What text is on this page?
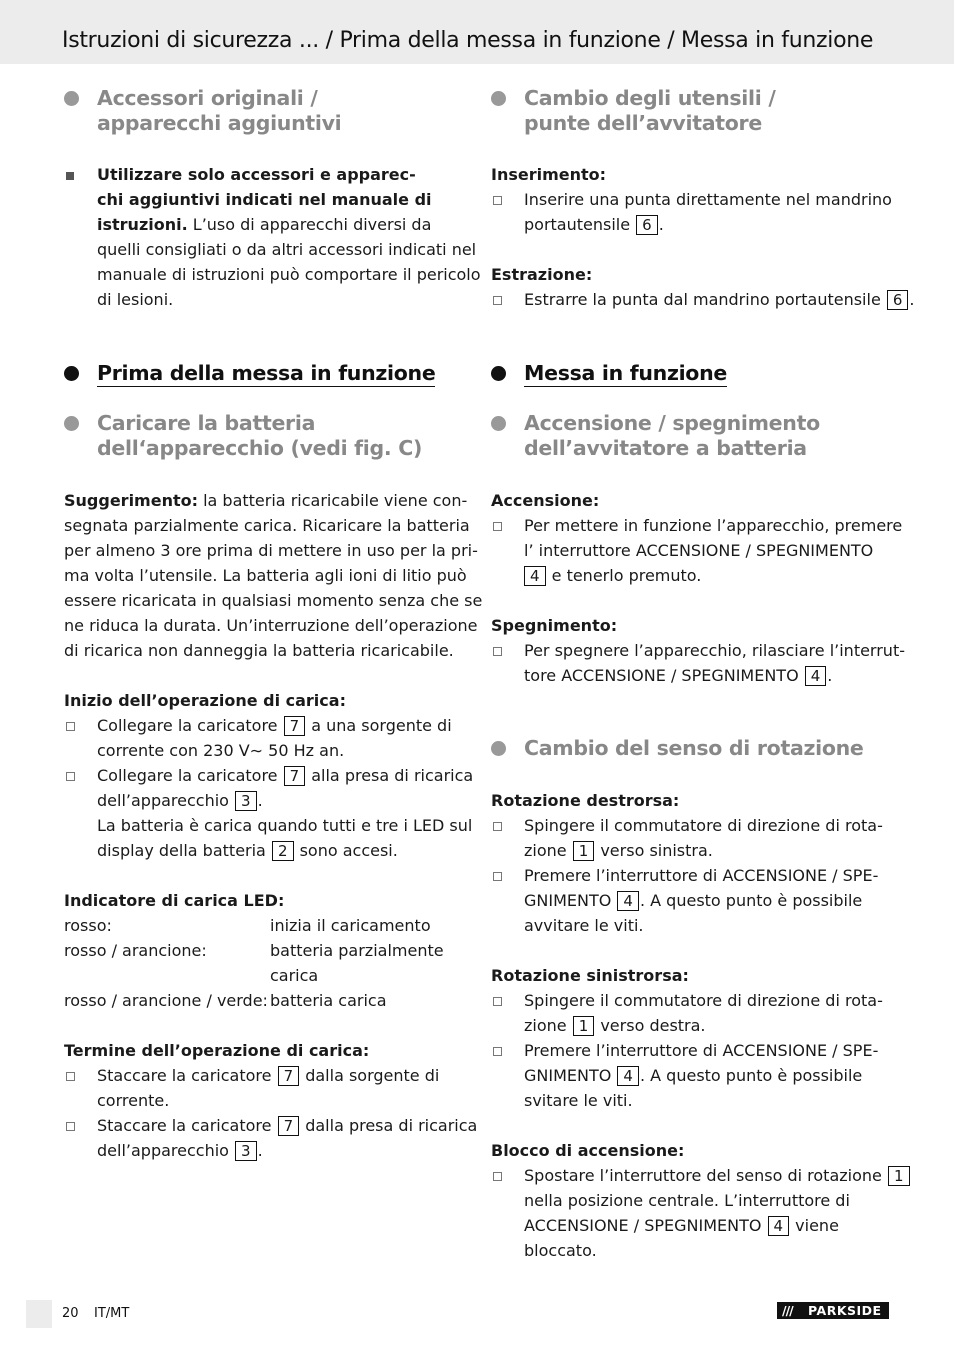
Istruzioni di sicurezza ... / Prima della messa in funzione / Messa in funzione
Accessori originali /
apparecchi aggiuntivi
Utilizzare solo accessori e apparec-
chi aggiuntivi indicati nel manuale di
istruzioni. L’uso di apparecchi diversi da
quelli consigliati o da altri accessori indicati nel
manuale di istruzioni può comportare il pericolo
di lesioni.
Prima della messa in funzione
Caricare la batteria
dell‘apparecchio (vedi fig. C)
Suggerimento: la batteria ricaricabile viene con-
segnata parzialmente carica. Ricaricare la batteria
per almeno 3 ore prima di mettere in uso per la pri-
ma volta l’utensile. La batteria agli ioni di litio può
essere ricaricata in qualsiasi momento senza che se
ne riduca la durata. Un’interruzione dell’operazione
di ricarica non danneggia la batteria ricaricabile.
Inizio dell’operazione di carica:
Collegare la caricatore 7 a una sorgente di
corrente con 230 V∼ 50 Hz an.
Collegare la caricatore 7 alla presa di ricarica
dell’apparecchio 3 .
La batteria è carica quando tutti e tre i LED sul
display della batteria 2 sono accesi.
Indicatore di carica LED:
rosso:	inizia il caricamento
rosso / arancione:	batteria parzialmente
carica
rosso / arancione / verde: batteria carica
Termine dell’operazione di carica:
Staccare la caricatore 7 dalla sorgente di
corrente.
Staccare la caricatore 7 dalla presa di ricarica
dell’apparecchio 3 .
Cambio degli utensili /
punte dell’avvitatore
Inserimento:
Inserire una punta direttamente nel mandrino
portautensile 6 .
Estrazione:
Estrarre la punta dal mandrino portautensile 6 .
Messa in funzione
Accensione / spegnimento
dell’avvitatore a batteria
Accensione:
Per mettere in funzione l’apparecchio, premere
l’ interruttore ACCENSIONE / SPEGNIMENTO
4 e tenerlo premuto.
Spegnimento:
Per spegnere l’apparecchio, rilasciare l’interrut-
tore ACCENSIONE / SPEGNIMENTO 4 .
Cambio del senso di rotazione
Rotazione destrorsa:
Spingere il commutatore di direzione di rota-
zione 1 verso sinistra.
Premere l’interruttore di ACCENSIONE / SPE-
GNIMENTO 4 . A questo punto è possibile
avvitare le viti.
Rotazione sinistrorsa:
Spingere il commutatore di direzione di rota-
zione 1 verso destra.
Premere l’interruttore di ACCENSIONE / SPE-
GNIMENTO 4 . A questo punto è possibile
svitare le viti.
Blocco di accensione:
Spostare l’interruttore del senso di rotazione 1
nella posizione centrale. L’interruttore di
ACCENSIONE / SPEGNIMENTO 4 viene
bloccato.
20 IT/MT	/// PARKSIDE
